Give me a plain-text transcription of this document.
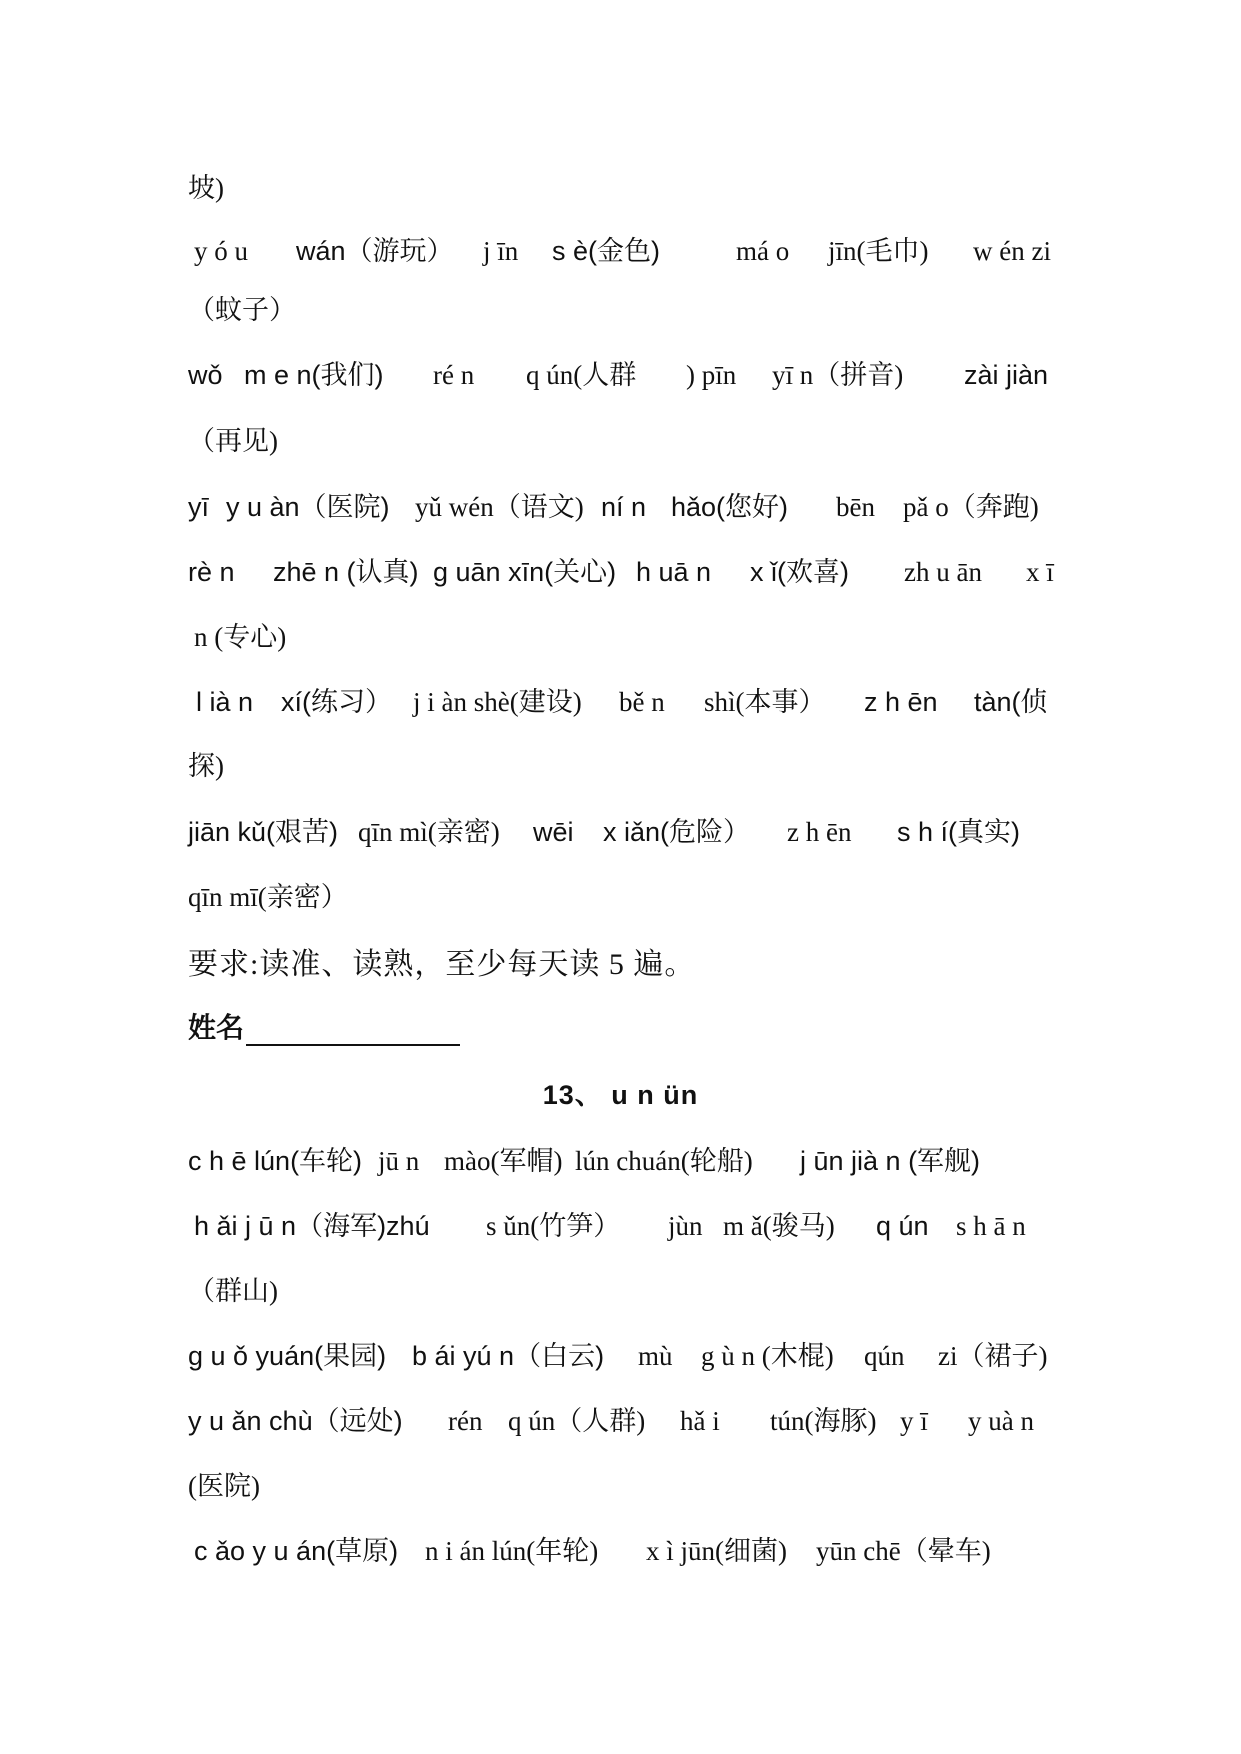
坡)
y ó u wán（游玩） j īn s è(金色)	má o jīn(毛巾) w én zi
（蚊子）
wǒ m e n(我们) ré n q ún(人群 ) pīn yī n（拼音) zài jiàn
（再见)
yī y u àn（医院) yǔ wén（语文) ní n hǎo(您好) bēn pǎ o（奔跑)
rè n zhē n (认真) g uān xīn(关心) h uā n x ǐ(欢喜) zh u ān x ī
n (专心)
l ià n xí(练习） j i àn shè(建设) bě n shì(本事） z h ēn tàn(侦
探)
jiān kǔ(艰苦) qīn mì(亲密) wēi x iǎn(危险） z h ēn s h í(真实)
qīn mī(亲密）
要求:读准、读熟，至少每天读 5 遍。
姓名
13、 u n ün
c h ē lún(车轮) jū n mào(军帽) lún chuán(轮船) j ūn jià n (军舰)
h ǎi j ū n（海军)zhú s ǔn(竹笋） jùn m ǎ(骏马) q ún s h ā n
（群山)
g u ǒ yuán(果园) b ái yú n（白云) mù g ù n (木棍) qún zi（裙子)
y u ǎn chù（远处) rén q ún（人群) hǎ i tún(海豚) y ī y uà n
(医院)
c ǎo y u án(草原) n i án lún(年轮) x ì jūn(细菌) yūn chē（晕车)
